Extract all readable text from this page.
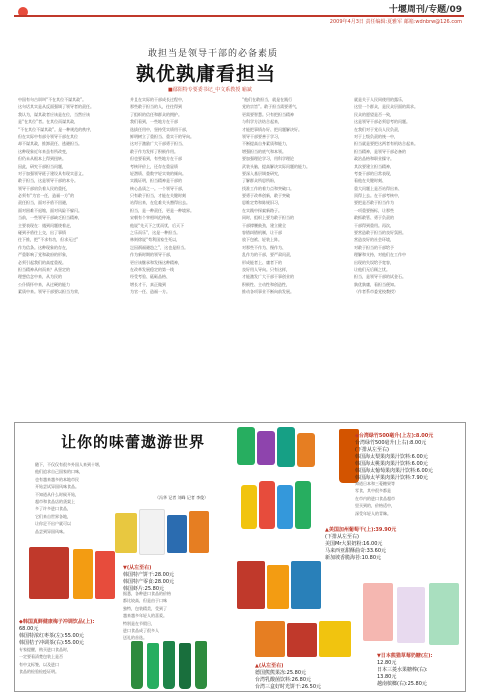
十堰周刊/专题/09
2009年4月3日 责任编辑:夏雅军 邮箱:wdnbrw@126.com
敢担当是领导干部的必备素质
孰优孰庸看担当
■鄢阳特专要委书记_中文系教授 喻斌
中国有句古训叫“不在其位不谋其政”。
这句话其实是从反面强调了领导者的责任。
我认为，谋其政者应该是在位，当然应该
是“在其位”者。在其位而谋其政，
“不在其位不谋其政”。是一种规范的秩序，
但在实际中有部分领导干部在其位
却不谋其政，推卸责任、逃避担当。
这种现象近年来虽有所改变，
但仍未从根本上得到扭转。
因此，研究干部担当问题，
对于加强领导班子建设具有现实意义。
敢于担当，这是领导干部的本分。
领导干部肩负着人民的重托，
必须有“为官一任，造福一方”的
责任担当，面对矛盾不回避，
面对困难不退缩，面对风险不躲闪。
当前，一些领导干部缺乏担当精神，
主要表现在：遇到问题绕着走，
碰到矛盾往上交，出了事情
往下推，把“不求有功，但求无过”
作为信条。这种现象的存在，
严重影响了党和政府的形象，
必须引起我们的高度重视。
担当精神从何而来？从坚定的
理想信念中来，从为民的
公仆情怀中来，从过硬的能力
素质中来。领导干部要以担当为荣，
并且在实际的干部成长过程中，
那些敢于担当的人，往往得到
了组织的信任和群众的拥护。
我们看到，一些地方在干部
选拔任用中，坚持凭实绩用干部，
鲜明树立了重担当、重实干的导向。
这对于激励广大干部勇于担当、
敢于作为发挥了积极作用。
但也要看到，有些地方在干部
考核评价上，还存在重显绩
轻潜绩、重数字轻实效的倾向。
实践证明，担当精神是干部的
核心品质之一。一个领导干部，
只有敢于担当，才能在关键时刻
站得出来，在危难关头豁得出去。
担当，是一种责任，更是一种境界。
宋朝有个宰相叫范仲淹，
他说“先天下之忧而忧，后天下
之乐而乐”，这是一种担当。
林则徐说“苟利国家生死以，
岂因祸福避趋之”，这也是担当。
作为新时期的领导干部，
更应该继承和发扬这种精神，
在改革发展稳定的第一线
经受考验、砥砺品格、
增长才干，真正做到
为官一任、造福一方。
“他们在敢担当，就是在践行
党的宗旨”。敢于担当需要勇气，
更需要智慧。只有把担当精神
与科学方法结合起来，
才能把事情办好、把问题解决好。
领导干部要善于学习，
不断提高自身素质和能力，
增强担当的底气和本领。
要加强理论学习，用科学理论
武装头脑，提高解决实际问题的能力。
要深入基层调查研究，
了解群众所思所盼，
找准工作的着力点和突破口。
要勇于改革创新，敢于突破
思维定势和陈规旧习，
在实践中探索新路子。
同时，组织上要为敢于担当的
干部撑腰鼓劲，建立健全
容错纠错机制，让干部
放下包袱、轻装上阵。
对那些不作为、慢作为、
乱作为的干部，要严肃问责，
形成能者上、庸者下的
良好用人导向。只有这样，
才能激发广大干部干事创业的
积极性、主动性和创造性，
推动各项事业不断向前发展。
就是关于人民同使用的露乐，
这里一个群众，是民众层面的需求。
民众的愿望是否一致，
这是领导干部必须思考的问题。
在我们对于党员人民负责，
对于上级负责的统一中，
担当就是要把这两者有机结合起来。
担当精神，是领导干部必备的
政治品格和职业操守。
其次要建立担当精神，
考查干部的日常表现，
看他在关键时刻、
重大问题上是否站得出来、
顶得上去。在干部考核中，
要把是否敢于担当作为
一项重要指标，让那些
敢抓敢管、勇于负责的
干部得到重用。再次，
要营造敢于担当的良好氛围。
营造良好的社会环境，
对敢于担当的干部给予
理解和支持，对他们在工作中
出现的失误给予宽容，
让他们无后顾之忧。
担当，是领导干部的试金石。
孰优孰庸，看担当便知。
（作者系市委党校教授）
让你的味蕾遨游世界
随下，不仅仅有很多外国人来到十堰，
他们追求自己国家的口味，
也有越来越多的本地市民
开始尝试异国风味食品。
不知道从什么时候开始，
超市和食品店的货架上
多了许多进口食品，
它们来自世界各地，
让你足不出户就可以
品尝到异国风味。
（冯华 记者 刘峰 记者 李俊）
▼(从左至右)
韩国特产饼干:28.00元
韩国特产零食:28.00元
韩国虾片:25.80元
据悉，各种进口食品的价格
都比较高，但是由于口味
独特，包装精美，受到了
越来越多年轻人的喜爱。
特别是在节假日，
进口食品成了很多人
送礼的首选。
◆韩国真鲜健康梅子冲调饮品(上):
68.00元
韩国特浓红枣茶(左):55.00元
韩国桔子冲调茶(右):55.00元
专家提醒，购买进口食品时，
一定要看清楚包装上是否
有中文标签，以及进口
食品的检验检疫证明。
◆台湾绿竹500毫升(上左):8.00元
台湾绿竹500毫升(上右):8.00元
(下排从左至右)
韩国海太梨果肉果汁饮料:6.00元
韩国海太桃果肉果汁饮料:6.00元
韩国海太葡萄果肉果汁饮料:6.00元
韩国海太苹果肉果汁饮料:7.90元
知道日本和三菱糖果等
零食，其中很多都是
在市内的进口食品超市
里买到的，价格适中，
深受年轻人的青睐。
▲美国加州葡萄干(上):39.90元
(下排从左至右)
美国Mr大果奶粉:16.00元
马来西亚甜酥曲奇:33.60元
新加坡香脆海苔:10.80元
▼日本熊猫草莓奶糖(左):
12.80元
日本三菱水果糖棒(右):
13.80元
越南槟榔(右):25.80元
▲(从左至右)
德国熊熊果冻:25.80元
台湾乳酸菌饮料:26.80元
台湾三盒好时光饼干:26.50元
